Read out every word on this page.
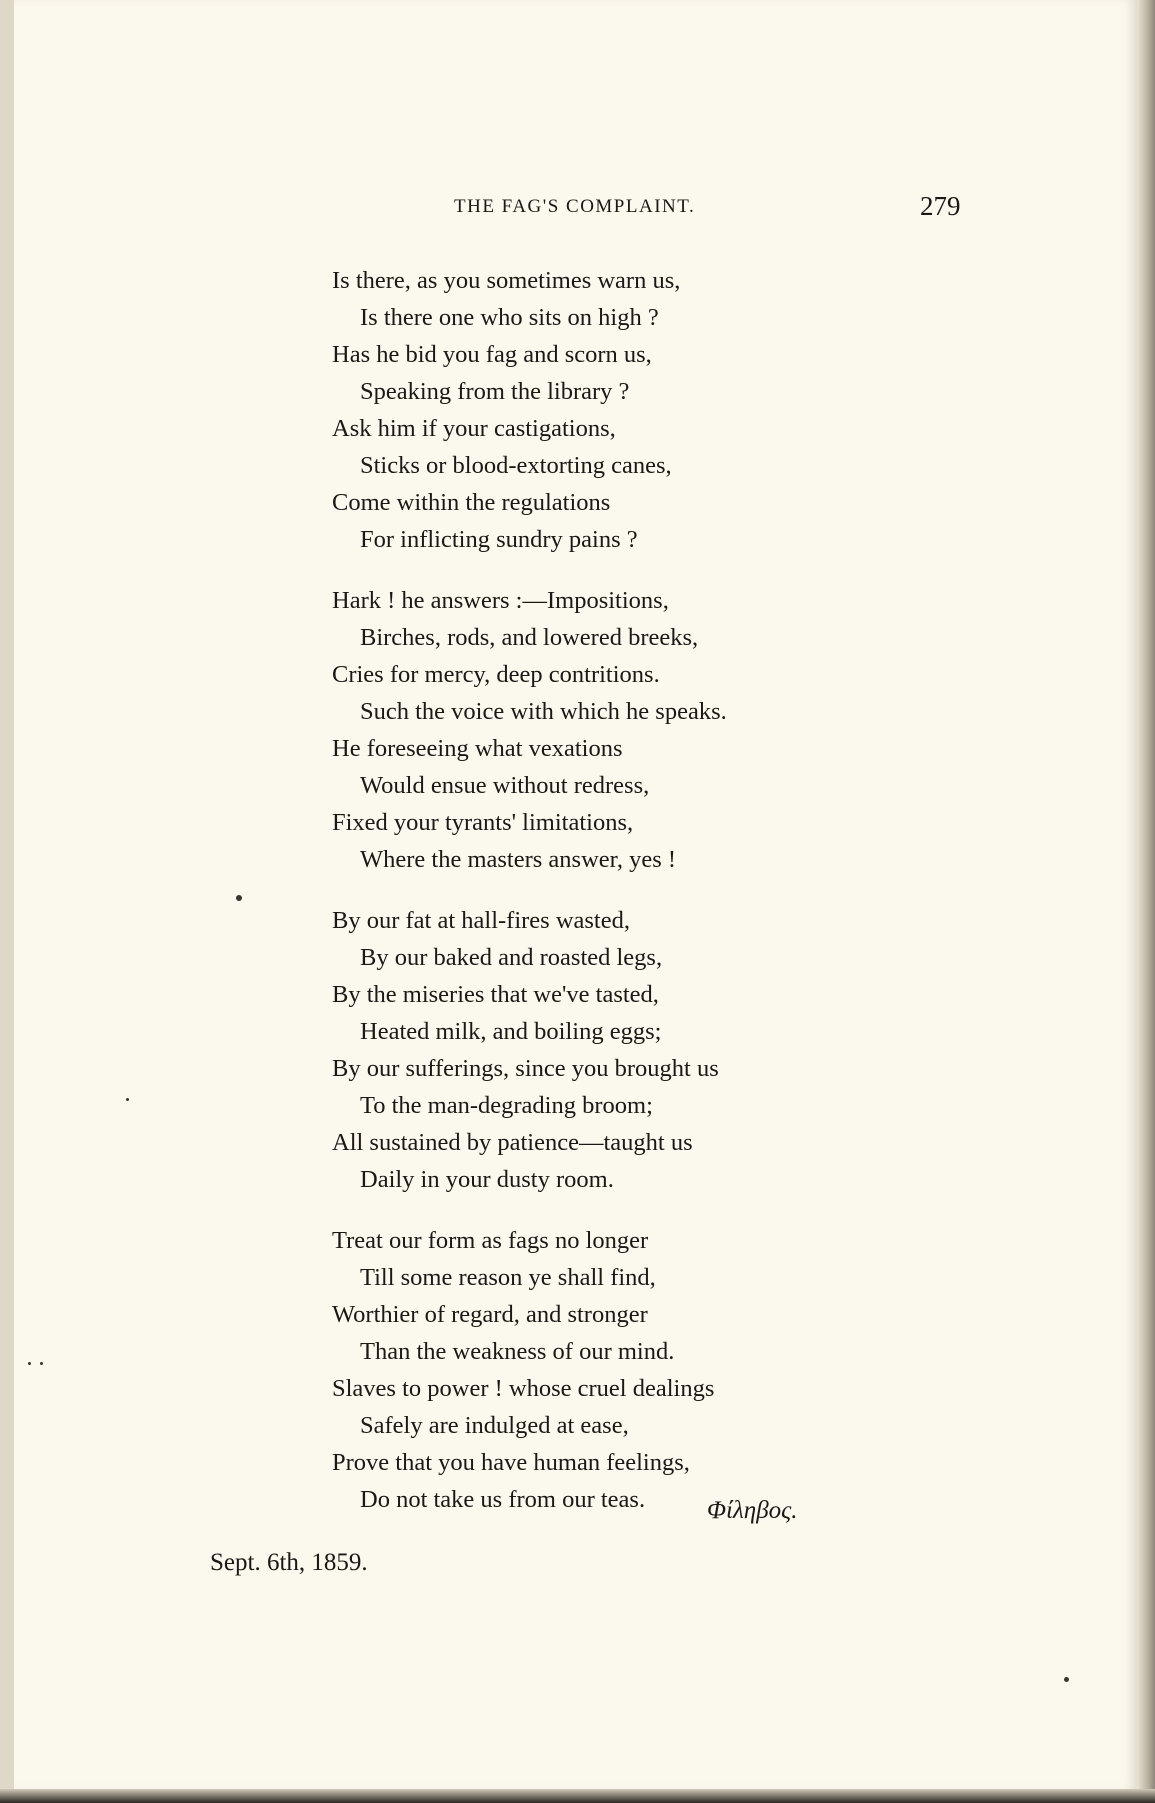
THE FAG'S COMPLAINT.	279
Is there, as you sometimes warn us,
Is there one who sits on high ?
Has he bid you fag and scorn us,
Speaking from the library ?
Ask him if your castigations,
Sticks or blood-extorting canes,
Come within the regulations
For inflicting sundry pains ?
Hark ! he answers :—Impositions,
Birches, rods, and lowered breeks,
Cries for mercy, deep contritions.
Such the voice with which he speaks.
He foreseeing what vexations
Would ensue without redress,
Fixed your tyrants' limitations,
Where the masters answer, yes !
By our fat at hall-fires wasted,
By our baked and roasted legs,
By the miseries that we've tasted,
Heated milk, and boiling eggs;
By our sufferings, since you brought us
To the man-degrading broom;
All sustained by patience—taught us
Daily in your dusty room.
Treat our form as fags no longer
Till some reason ye shall find,
Worthier of regard, and stronger
Than the weakness of our mind.
Slaves to power ! whose cruel dealings
Safely are indulged at ease,
Prove that you have human feelings,
Do not take us from our teas.	Φίληβος.
Sept. 6th, 1859.
